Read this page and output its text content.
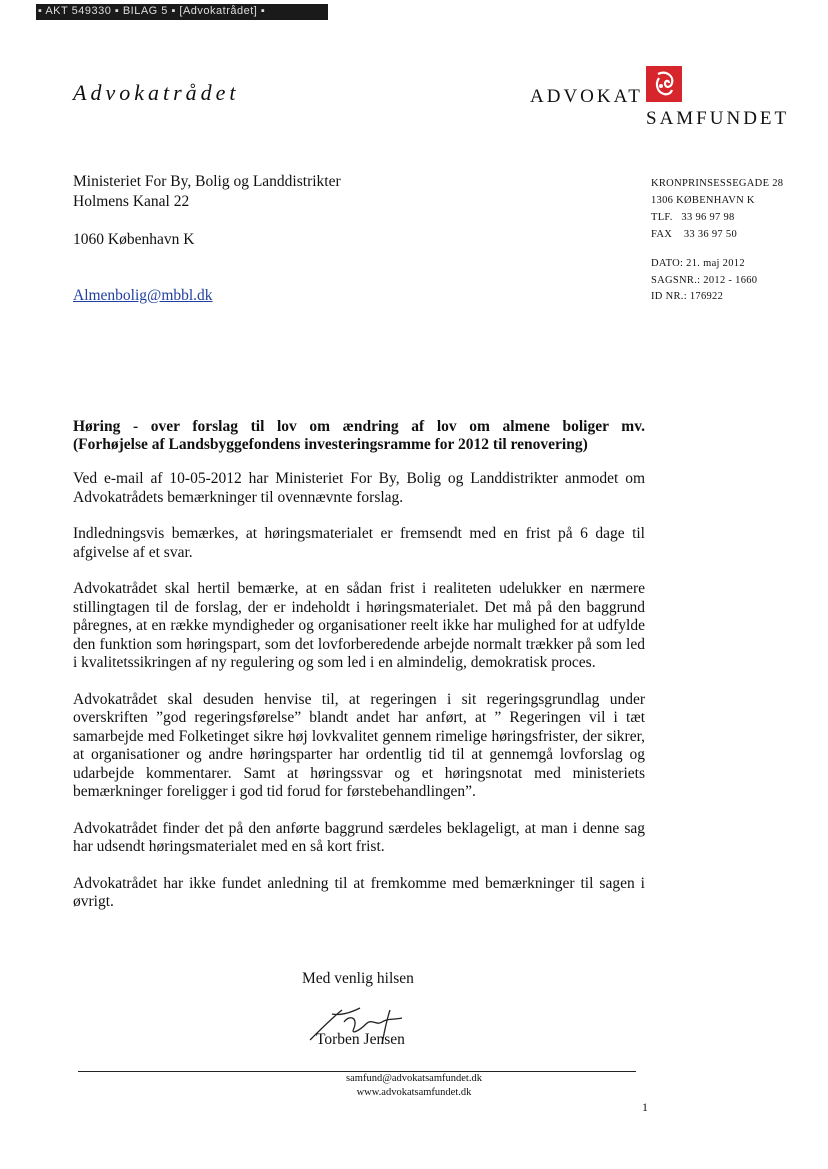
▪ AKT 549330 ▪ BILAG 5 ▪ [Advokatrådet] ▪
Advokatrådet	ADVOKAT
SAMFUNDET
Ministeriet For By, Bolig og Landdistrikter
Holmens Kanal 22
1060 København K
Almenbolig@mbbl.dk
KRONPRINSESSEGADE 28
1306 KØBENHAVN K
TLF.   33 96 97 98
FAX    33 36 97 50
DATO: 21. maj 2012
SAGSNR.: 2012 - 1660
ID NR.: 176922
Høring - over forslag til lov om ændring af lov om almene boliger mv.
(Forhøjelse af Landsbyggefondens investeringsramme for 2012 til renovering)

Ved e-mail af 10-05-2012 har Ministeriet For By, Bolig og Landdistrikter anmodet om Advokatrådets bemærkninger til ovennævnte forslag.

Indledningsvis bemærkes, at høringsmaterialet er fremsendt med en frist på 6 dage til afgivelse af et svar.

Advokatrådet skal hertil bemærke, at en sådan frist i realiteten udelukker en nærmere stillingtagen til de forslag, der er indeholdt i høringsmaterialet. Det må på den baggrund påregnes, at en række myndigheder og organisationer reelt ikke har mulighed for at udfylde den funktion som høringspart, som det lovforberedende arbejde normalt trækker på som led i kvalitetssikringen af ny regulering og som led i en almindelig, demokratisk proces.

Advokatrådet skal desuden henvise til, at regeringen i sit regeringsgrundlag under overskriften ”god regeringsførelse” blandt andet har anført, at ” Regeringen vil i tæt samarbejde med Folketinget sikre høj lovkvalitet gennem rimelige høringsfrister, der sikrer, at organisationer og andre høringsparter har ordentlig tid til at gennemgå lovforslag og udarbejde kommentarer. Samt at høringssvar og et høringsnotat med ministeriets bemærkninger foreligger i god tid forud for førstebehandlingen”.

Advokatrådet finder det på den anførte baggrund særdeles beklageligt, at man i denne sag har udsendt høringsmaterialet med en så kort frist.

Advokatrådet har ikke fundet anledning til at fremkomme med bemærkninger til sagen i øvrigt.

Med venlig hilsen
Torben Jensen
samfund@advokatsamfundet.dk
www.advokatsamfundet.dk
1
